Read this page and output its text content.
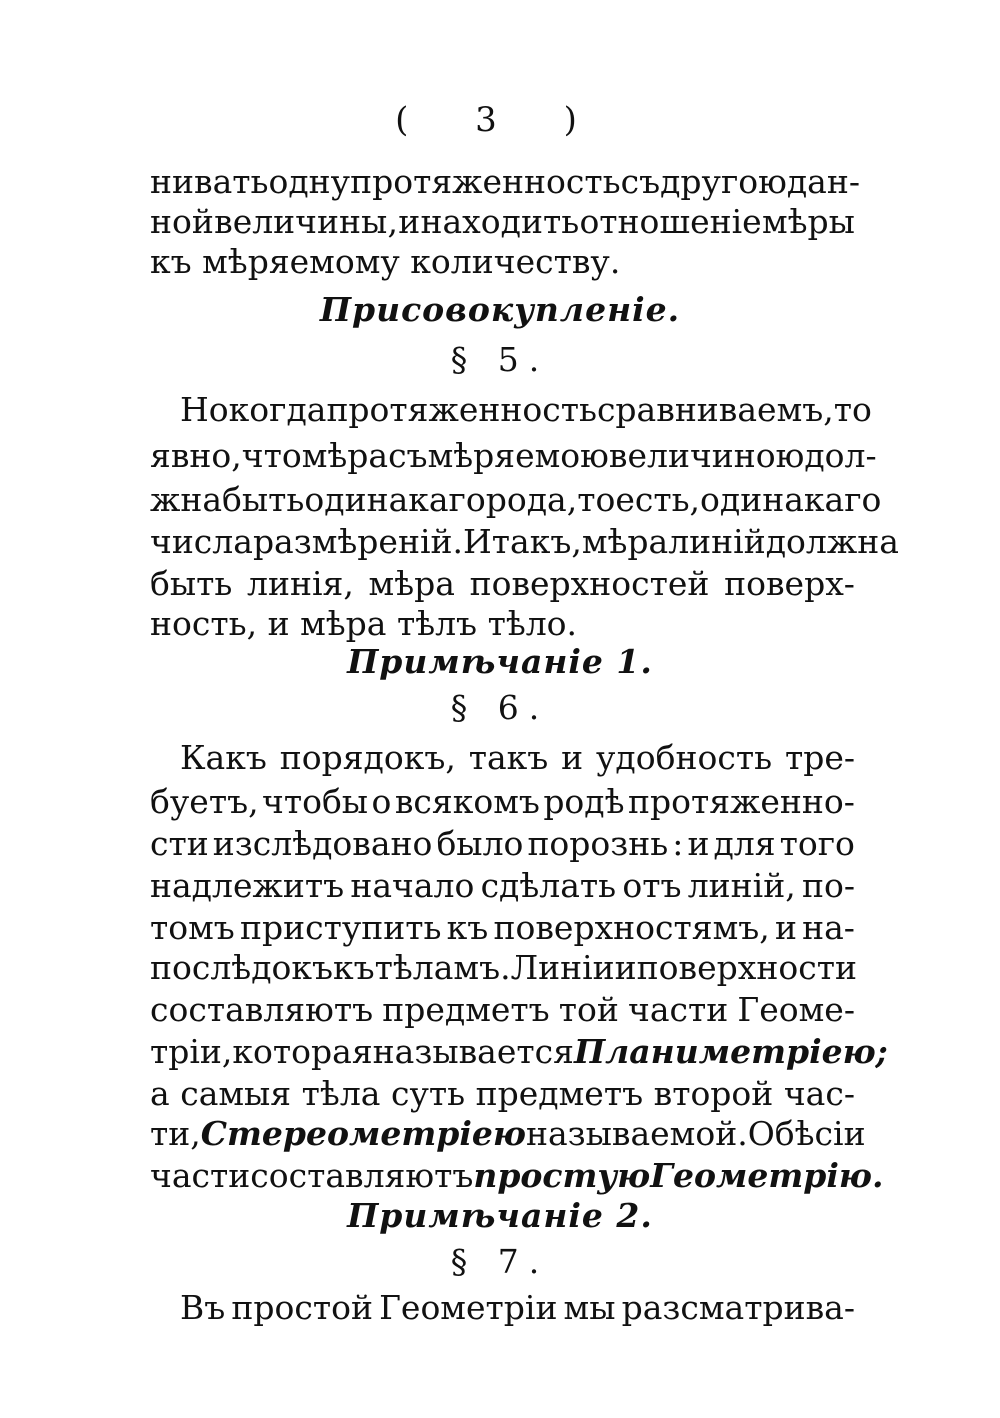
( 3 )
нивать одну протяженность съ другою дан-
ной величины , и находить отношеніе мѣры
къ мѣряемому количеству.
Присовокупленіе.
§ 5.
Но когда протяженность сравниваемъ, то
явно, что мѣра съ мѣряемою величиною дол-
жна быть одинакаго рода, то есть, одинакаго
числа размѣреній. И такъ, мѣра линій должна
быть линія, мѣра поверхностей поверх-
ность, и мѣра тѣлъ тѣло.
Примѣчаніе 1.
§ 6.
Какъ порядокъ, такъ и удобность тре-
буетъ, чтобы о всякомъ родѣ протяженно-
сти изслѣдовано было порознь : и для того
надлежитъ начало сдѣлать отъ линій, по-
томъ приступить къ поверхностямъ, и на-
послѣдокъ къ тѣламъ. Линіи и поверхности
составляютъ предметъ той части Геоме-
тріи, которая называется Планиметріею;
а самыя тѣла суть предметъ второй час-
ти, Стереометріею называемой. Обѣ сіи
части составляютъ простую Геометрію.
Примѣчаніе 2.
§ 7.
Въ простой Геометріи мы разсматрива-
